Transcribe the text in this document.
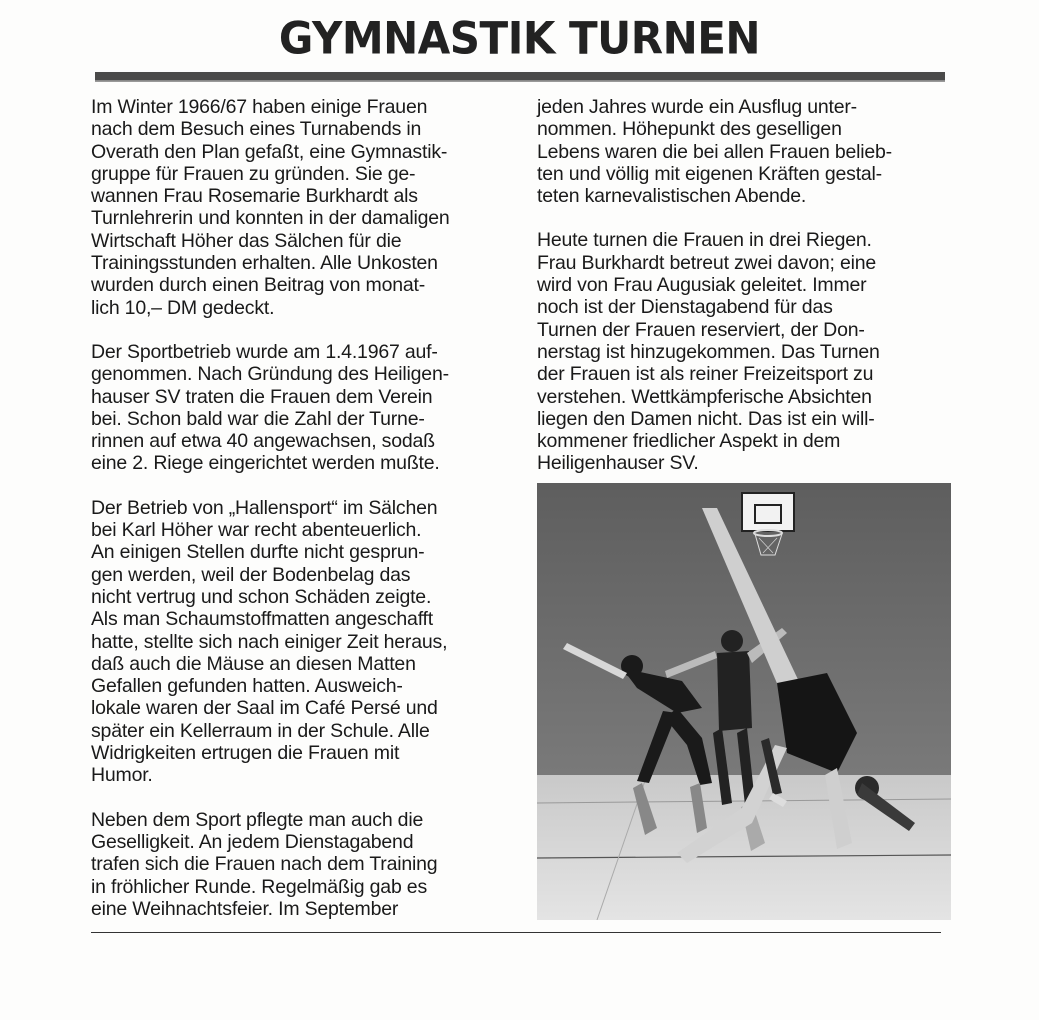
GYMNASTIK TURNEN

Im Winter 1966/67 haben einige Frauen
nach dem Besuch eines Turnabends in
Overath den Plan gefaßt, eine Gymnastik-
gruppe für Frauen zu gründen. Sie ge-
wannen Frau Rosemarie Burkhardt als
Turnlehrerin und konnten in der damaligen
Wirtschaft Höher das Sälchen für die
Trainingsstunden erhalten. Alle Unkosten
wurden durch einen Beitrag von monat-
lich 10,– DM gedeckt.

Der Sportbetrieb wurde am 1.4.1967 auf-
genommen. Nach Gründung des Heiligen-
hauser SV traten die Frauen dem Verein
bei. Schon bald war die Zahl der Turne-
rinnen auf etwa 40 angewachsen, sodaß
eine 2. Riege eingerichtet werden mußte.

Der Betrieb von „Hallensport“ im Sälchen
bei Karl Höher war recht abenteuerlich.
An einigen Stellen durfte nicht gesprun-
gen werden, weil der Bodenbelag das
nicht vertrug und schon Schäden zeigte.
Als man Schaumstoffmatten angeschafft
hatte, stellte sich nach einiger Zeit heraus,
daß auch die Mäuse an diesen Matten
Gefallen gefunden hatten. Ausweich-
lokale waren der Saal im Café Persé und
später ein Kellerraum in der Schule. Alle
Widrigkeiten ertrugen die Frauen mit
Humor.

Neben dem Sport pflegte man auch die
Geselligkeit. An jedem Dienstagabend
trafen sich die Frauen nach dem Training
in fröhlicher Runde. Regelmäßig gab es
eine Weihnachtsfeier. Im September

jeden Jahres wurde ein Ausflug unter-
nommen. Höhepunkt des geselligen
Lebens waren die bei allen Frauen belieb-
ten und völlig mit eigenen Kräften gestal-
teten karnevalistischen Abende.

Heute turnen die Frauen in drei Riegen.
Frau Burkhardt betreut zwei davon; eine
wird von Frau Augusiak geleitet. Immer
noch ist der Dienstagabend für das
Turnen der Frauen reserviert, der Don-
nerstag ist hinzugekommen. Das Turnen
der Frauen ist als reiner Freizeitsport zu
verstehen. Wettkämpferische Absichten
liegen den Damen nicht. Das ist ein will-
kommener friedlicher Aspekt in dem
Heiligenhauser SV.
